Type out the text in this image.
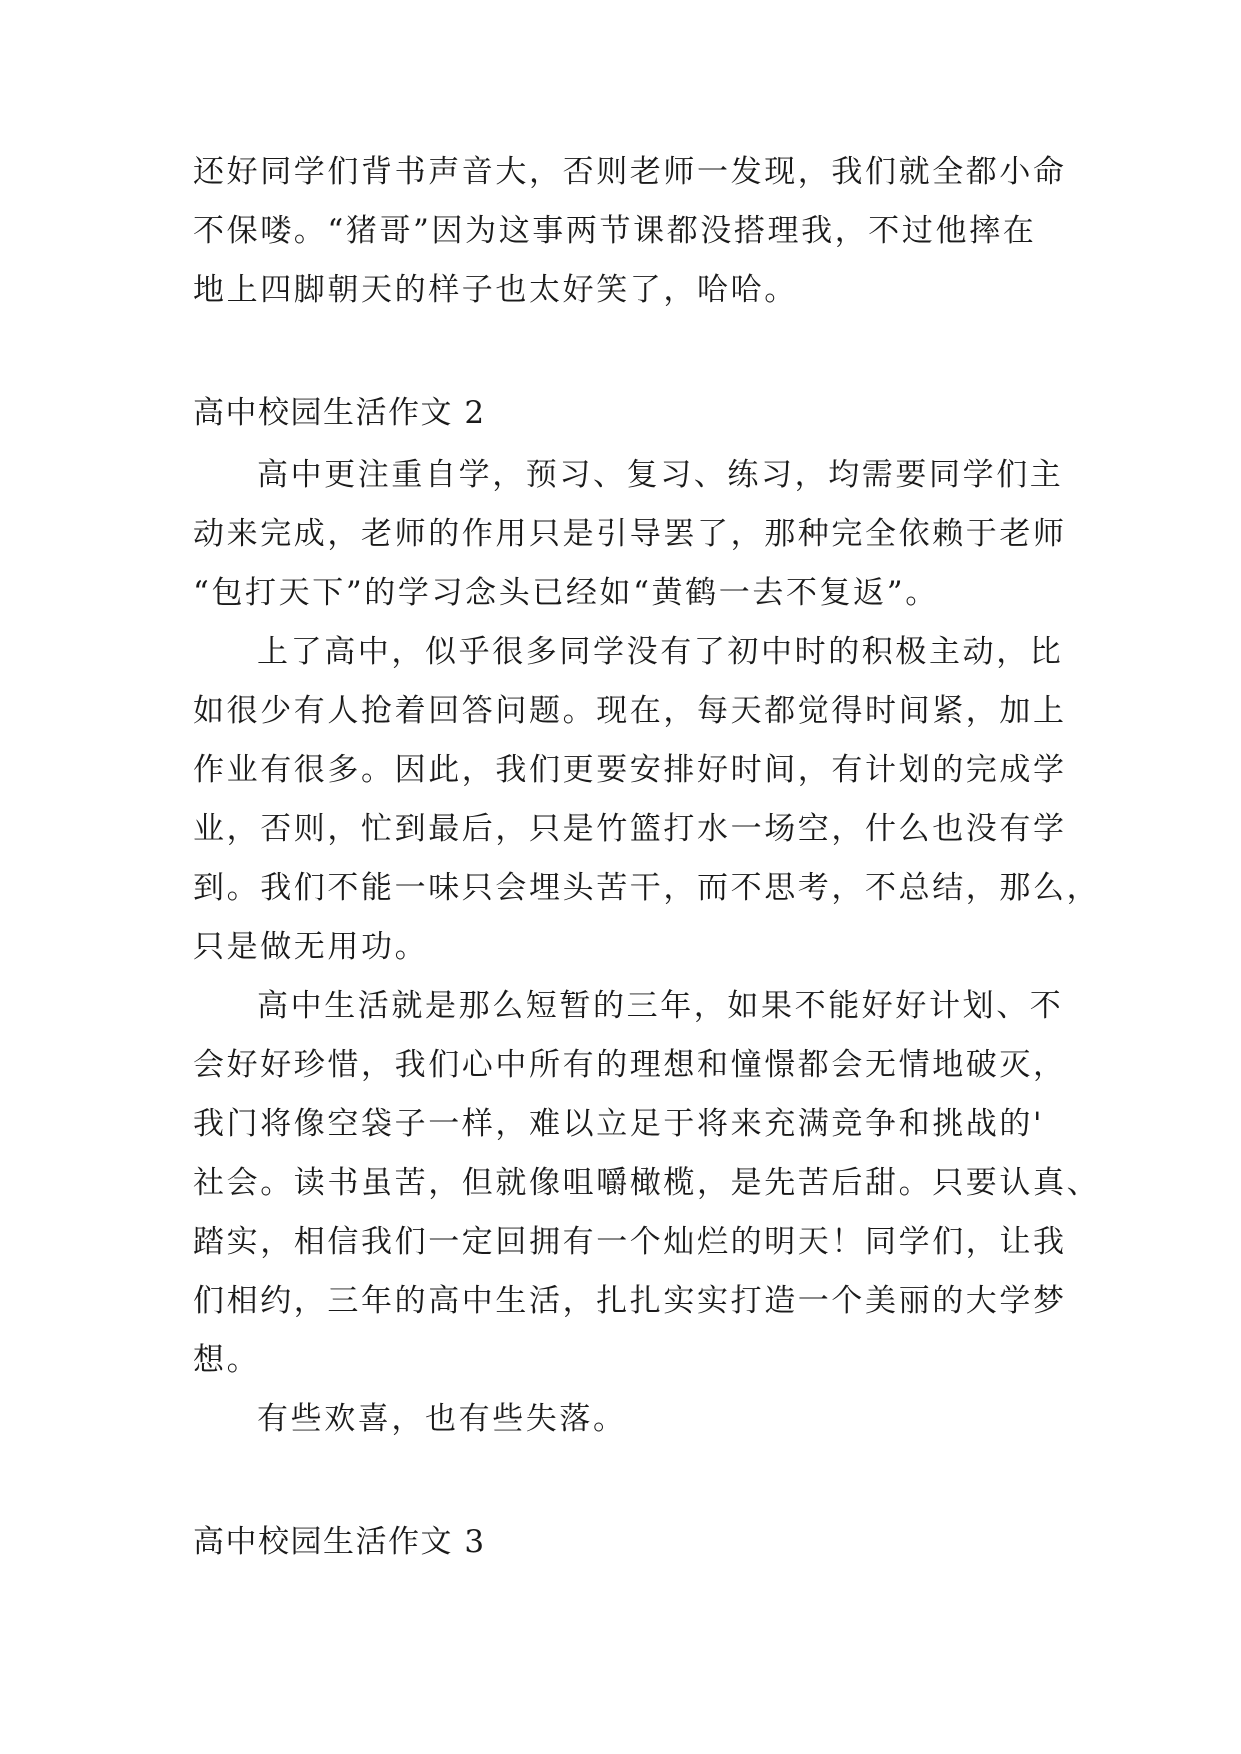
还好同学们背书声音大，否则老师一发现，我们就全都小命
不保喽。“猪哥”因为这事两节课都没搭理我，不过他摔在
地上四脚朝天的样子也太好笑了，哈哈。
高中校园生活作文 2
高中更注重自学，预习、复习、练习，均需要同学们主
动来完成，老师的作用只是引导罢了，那种完全依赖于老师
“包打天下”的学习念头已经如“黄鹤一去不复返”。
上了高中，似乎很多同学没有了初中时的积极主动，比
如很少有人抢着回答问题。现在，每天都觉得时间紧，加上
作业有很多。因此，我们更要安排好时间，有计划的完成学
业，否则，忙到最后，只是竹篮打水一场空，什么也没有学
到。我们不能一味只会埋头苦干，而不思考，不总结，那么，
只是做无用功。
高中生活就是那么短暂的三年，如果不能好好计划、不
会好好珍惜，我们心中所有的理想和憧憬都会无情地破灭，
我门将像空袋子一样，难以立足于将来充满竞争和挑战的'
社会。读书虽苦，但就像咀嚼橄榄，是先苦后甜。只要认真、
踏实，相信我们一定回拥有一个灿烂的明天！同学们，让我
们相约，三年的高中生活，扎扎实实打造一个美丽的大学梦
想。
有些欢喜，也有些失落。
高中校园生活作文 3
